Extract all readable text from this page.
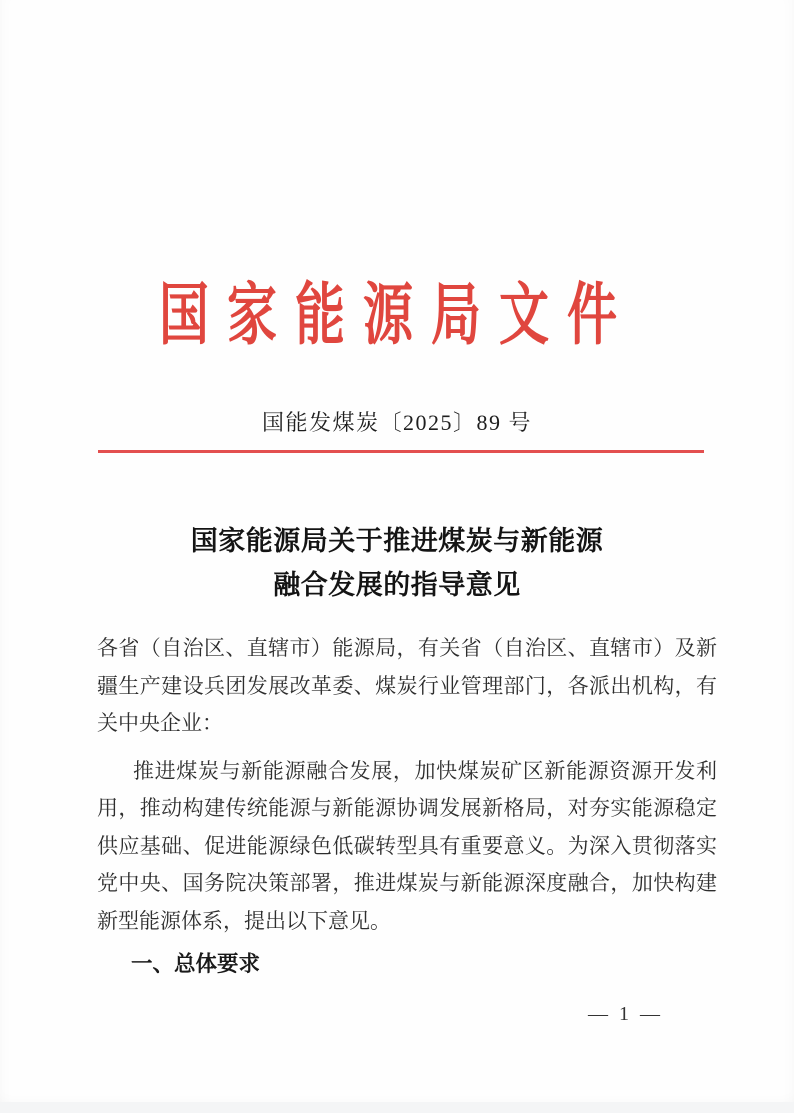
国家能源局文件
国能发煤炭〔2025〕89 号
国家能源局关于推进煤炭与新能源
融合发展的指导意见
各省（自治区、直辖市）能源局，有关省（自治区、直辖市）及新
疆生产建设兵团发展改革委、煤炭行业管理部门，各派出机构，有
关中央企业：
推进煤炭与新能源融合发展，加快煤炭矿区新能源资源开发利
用，推动构建传统能源与新能源协调发展新格局，对夯实能源稳定
供应基础、促进能源绿色低碳转型具有重要意义。为深入贯彻落实
党中央、国务院决策部署，推进煤炭与新能源深度融合，加快构建
新型能源体系，提出以下意见。
一、总体要求
— 1 —
